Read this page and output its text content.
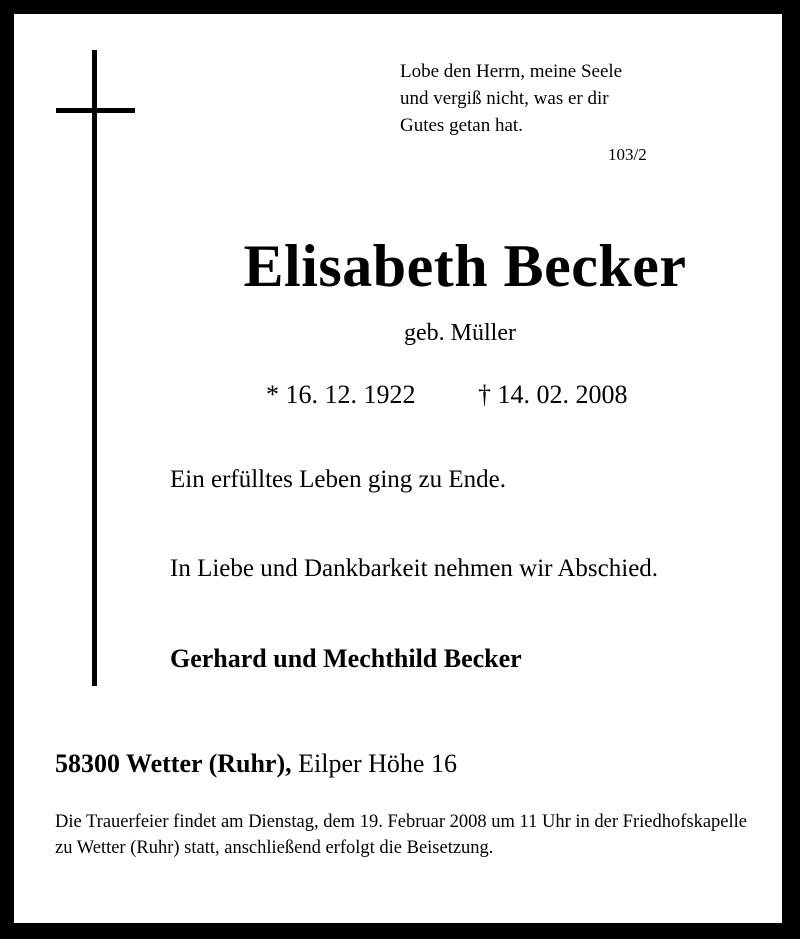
Lobe den Herrn, meine Seele
und vergiß nicht, was er dir
Gutes getan hat.

103/2
Elisabeth Becker
geb. Müller
* 16. 12. 1922 † 14. 02. 2008
Ein erfülltes Leben ging zu Ende.
In Liebe und Dankbarkeit nehmen wir Abschied.
Gerhard und Mechthild Becker
58300 Wetter (Ruhr), Eilper Höhe 16

Die Trauerfeier findet am Dienstag, dem 19. Februar 2008 um 11 Uhr in der Friedhofskapelle zu Wetter (Ruhr) statt, anschließend erfolgt die Beisetzung.
